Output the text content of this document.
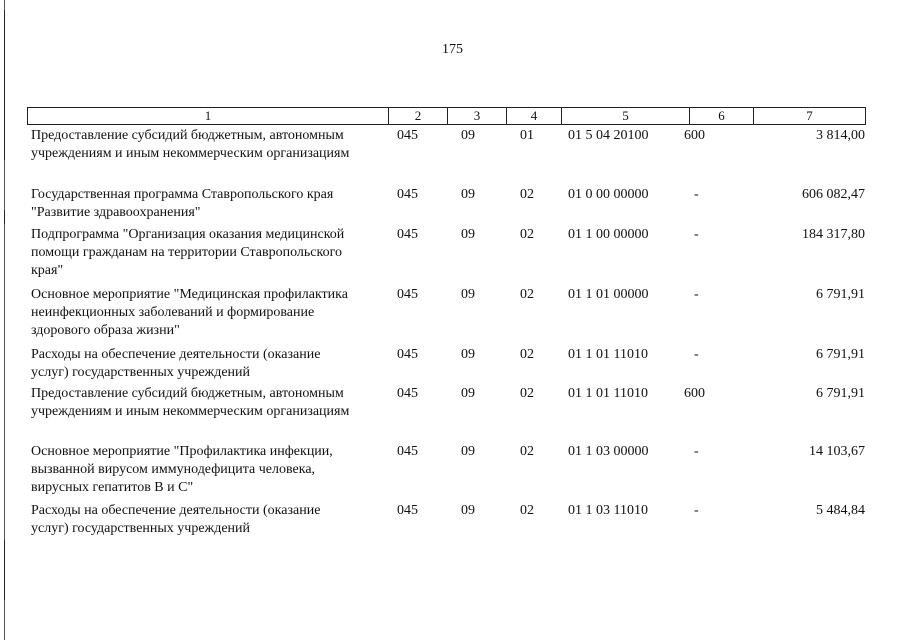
175
1	2	3	4	5	6	7
Предоставление субсидий бюджетным, автономным
учреждениям и иным некоммерческим организациям
045	09	01	01 5 04 20100	600	3 814,00
Государственная программа Ставропольского края
"Развитие здравоохранения"
045	09	02	01 0 00 00000	-	606 082,47
Подпрограмма "Организация оказания медицинской
помощи гражданам на территории Ставропольского
края"
045	09	02	01 1 00 00000	-	184 317,80
Основное мероприятие "Медицинская профилактика
неинфекционных заболеваний и формирование
здорового образа жизни"
045	09	02	01 1 01 00000	-	6 791,91
Расходы на обеспечение деятельности (оказание
услуг) государственных учреждений
045	09	02	01 1 01 11010	-	6 791,91
Предоставление субсидий бюджетным, автономным
учреждениям и иным некоммерческим организациям
045	09	02	01 1 01 11010	600	6 791,91
Основное мероприятие "Профилактика инфекции,
вызванной вирусом иммунодефицита человека,
вирусных гепатитов В и С"
045	09	02	01 1 03 00000	-	14 103,67
Расходы на обеспечение деятельности (оказание
услуг) государственных учреждений
045	09	02	01 1 03 11010	-	5 484,84
